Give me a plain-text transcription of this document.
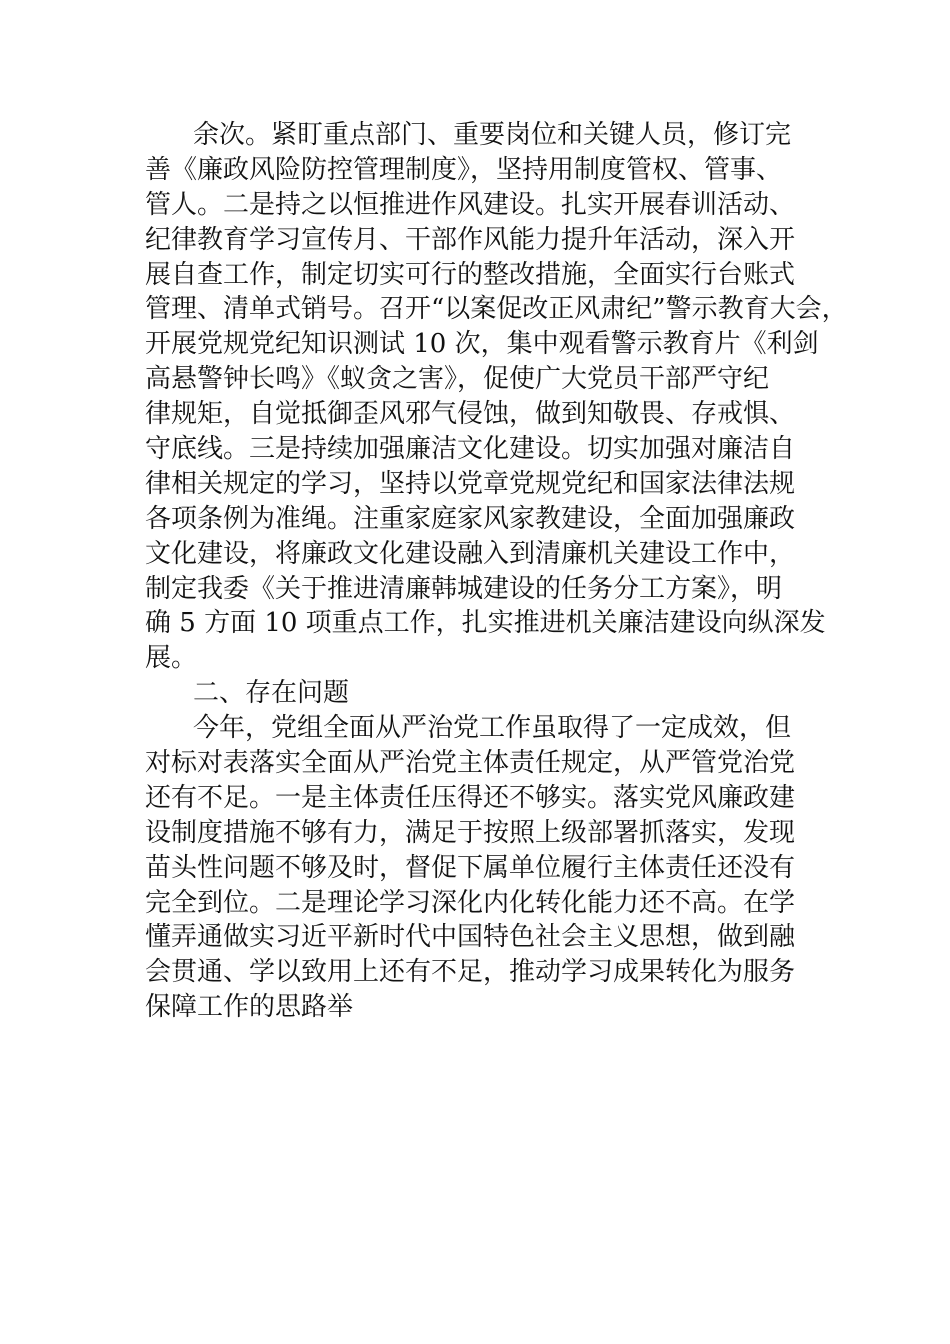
余次。紧盯重点部门、重要岗位和关键人员，修订完
善《廉政风险防控管理制度》，坚持用制度管权、管事、
管人。二是持之以恒推进作风建设。扎实开展春训活动、
纪律教育学习宣传月、干部作风能力提升年活动，深入开
展自查工作，制定切实可行的整改措施，全面实行台账式
管理、清单式销号。召开“以案促改正风肃纪”警示教育大会，
开展党规党纪知识测试 10 次，集中观看警示教育片《利剑
高悬警钟长鸣》《蚁贪之害》，促使广大党员干部严守纪
律规矩，自觉抵御歪风邪气侵蚀，做到知敬畏、存戒惧、
守底线。三是持续加强廉洁文化建设。切实加强对廉洁自
律相关规定的学习，坚持以党章党规党纪和国家法律法规
各项条例为准绳。注重家庭家风家教建设，全面加强廉政
文化建设，将廉政文化建设融入到清廉机关建设工作中，
制定我委《关于推进清廉韩城建设的任务分工方案》，明
确 5 方面 10 项重点工作，扎实推进机关廉洁建设向纵深发
展。
二、存在问题
今年，党组全面从严治党工作虽取得了一定成效，但
对标对表落实全面从严治党主体责任规定，从严管党治党
还有不足。一是主体责任压得还不够实。落实党风廉政建
设制度措施不够有力，满足于按照上级部署抓落实，发现
苗头性问题不够及时，督促下属单位履行主体责任还没有
完全到位。二是理论学习深化内化转化能力还不高。在学
懂弄通做实习近平新时代中国特色社会主义思想，做到融
会贯通、学以致用上还有不足，推动学习成果转化为服务
保障工作的思路举
